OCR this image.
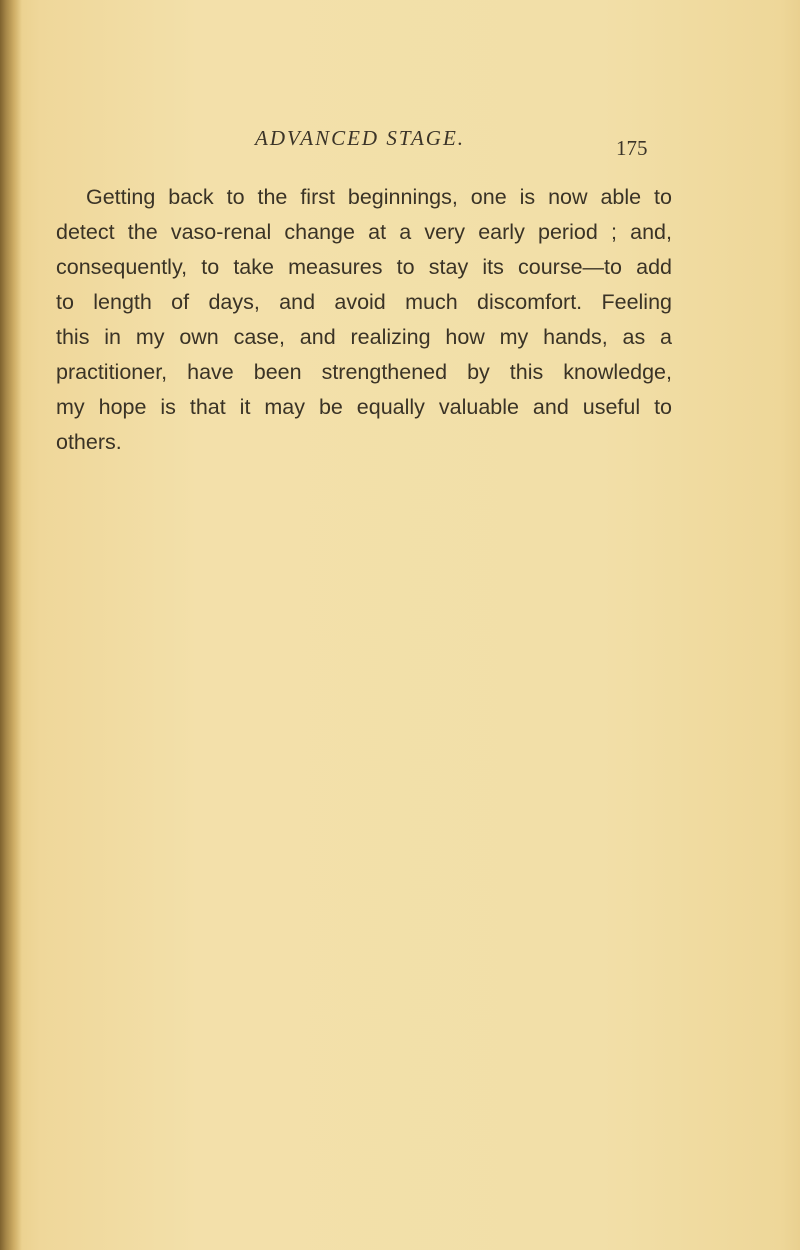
ADVANCED STAGE.	175
Getting back to the first beginnings, one is now able to
detect the vaso-renal change at a very early period ; and,
consequently, to take measures to stay its course—to add
to length of days, and avoid much discomfort. Feeling
this in my own case, and realizing how my hands, as a
practitioner, have been strengthened by this knowledge,
my hope is that it may be equally valuable and useful to
others.
